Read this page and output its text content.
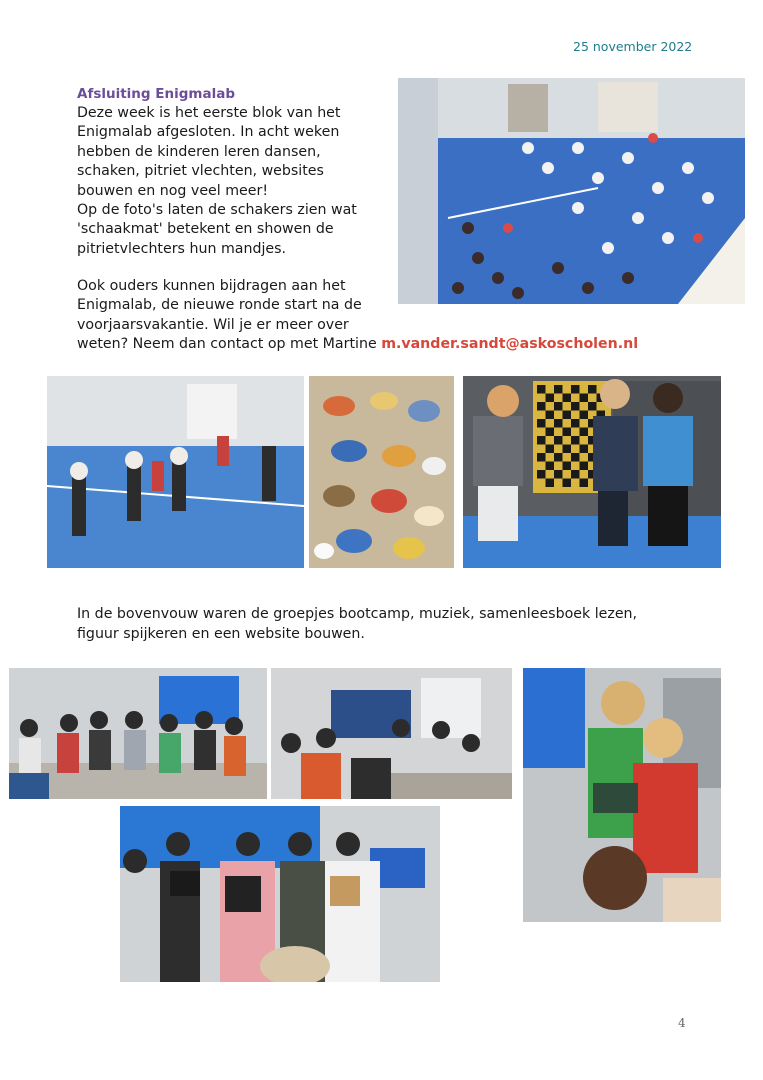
25 november 2022
Afsluiting Enigmalab
Deze week is het eerste blok van het
Enigmalab afgesloten. In acht weken
hebben de kinderen leren dansen,
schaken, pitriet vlechten, websites
bouwen en nog veel meer!
Op de foto's laten de schakers zien wat
'schaakmat' betekent en showen de
pitrietvlechters hun mandjes.
Ook ouders kunnen bijdragen aan het
Enigmalab, de nieuwe ronde start na de
voorjaarsvakantie. Wil je er meer over
weten? Neem dan contact op met Martine m.vander.sandt@askoscholen.nl
In de bovenvouw waren de groepjes bootcamp, muziek, samenleesboek lezen,
figuur spijkeren en een website bouwen.
4
